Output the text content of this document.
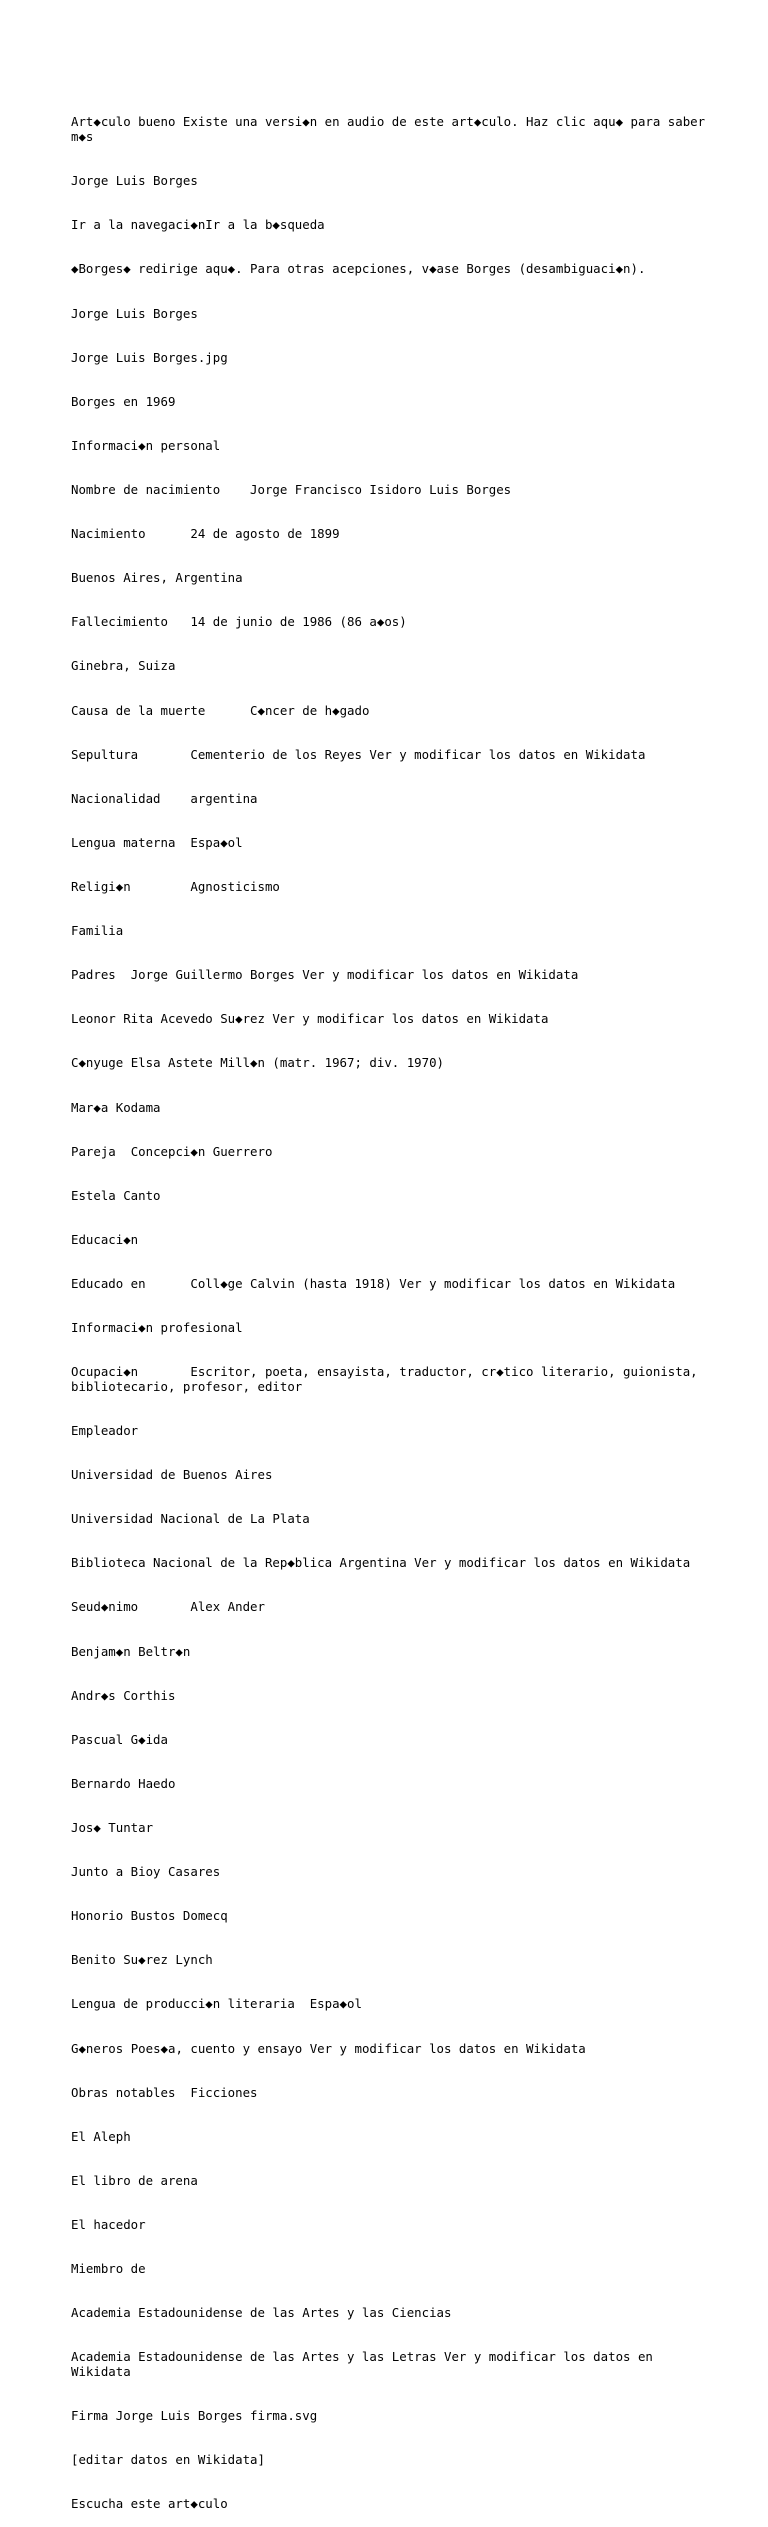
Art◆culo bueno Existe una versi◆n en audio de este art◆culo. Haz clic aqu◆ para saber m◆s

Jorge Luis Borges

Ir a la navegaci◆nIr a la b◆squeda

◆Borges◆ redirige aqu◆. Para otras acepciones, v◆ase Borges (desambiguaci◆n).

Jorge Luis Borges

Jorge Luis Borges.jpg

Borges en 1969

Informaci◆n personal

Nombre de nacimiento	Jorge Francisco Isidoro Luis Borges

Nacimiento	24 de agosto de 1899

Buenos Aires, Argentina

Fallecimiento	14 de junio de 1986 (86 a◆os)

Ginebra, Suiza

Causa de la muerte	C◆ncer de h◆gado

Sepultura	Cementerio de los Reyes Ver y modificar los datos en Wikidata

Nacionalidad	argentina

Lengua materna	Espa◆ol

Religi◆n	Agnosticismo

Familia

Padres	Jorge Guillermo Borges Ver y modificar los datos en Wikidata

Leonor Rita Acevedo Su◆rez Ver y modificar los datos en Wikidata

C◆nyuge	Elsa Astete Mill◆n (matr. 1967; div. 1970)

Mar◆a Kodama

Pareja	Concepci◆n Guerrero

Estela Canto

Educaci◆n

Educado en	Coll◆ge Calvin (hasta 1918) Ver y modificar los datos en Wikidata

Informaci◆n profesional

Ocupaci◆n	Escritor, poeta, ensayista, traductor, cr◆tico literario, guionista, bibliotecario, profesor, editor

Empleador

Universidad de Buenos Aires

Universidad Nacional de La Plata

Biblioteca Nacional de la Rep◆blica Argentina Ver y modificar los datos en Wikidata

Seud◆nimo	Alex Ander

Benjam◆n Beltr◆n

Andr◆s Corthis

Pascual G◆ida

Bernardo Haedo

Jos◆ Tuntar

Junto a Bioy Casares

Honorio Bustos Domecq

Benito Su◆rez Lynch

Lengua de producci◆n literaria	Espa◆ol

G◆neros	Poes◆a, cuento y ensayo Ver y modificar los datos en Wikidata

Obras notables	Ficciones

El Aleph

El libro de arena

El hacedor

Miembro de

Academia Estadounidense de las Artes y las Ciencias

Academia Estadounidense de las Artes y las Letras Ver y modificar los datos en Wikidata

Firma Jorge Luis Borges firma.svg

[editar datos en Wikidata]

Escucha este art◆culo
